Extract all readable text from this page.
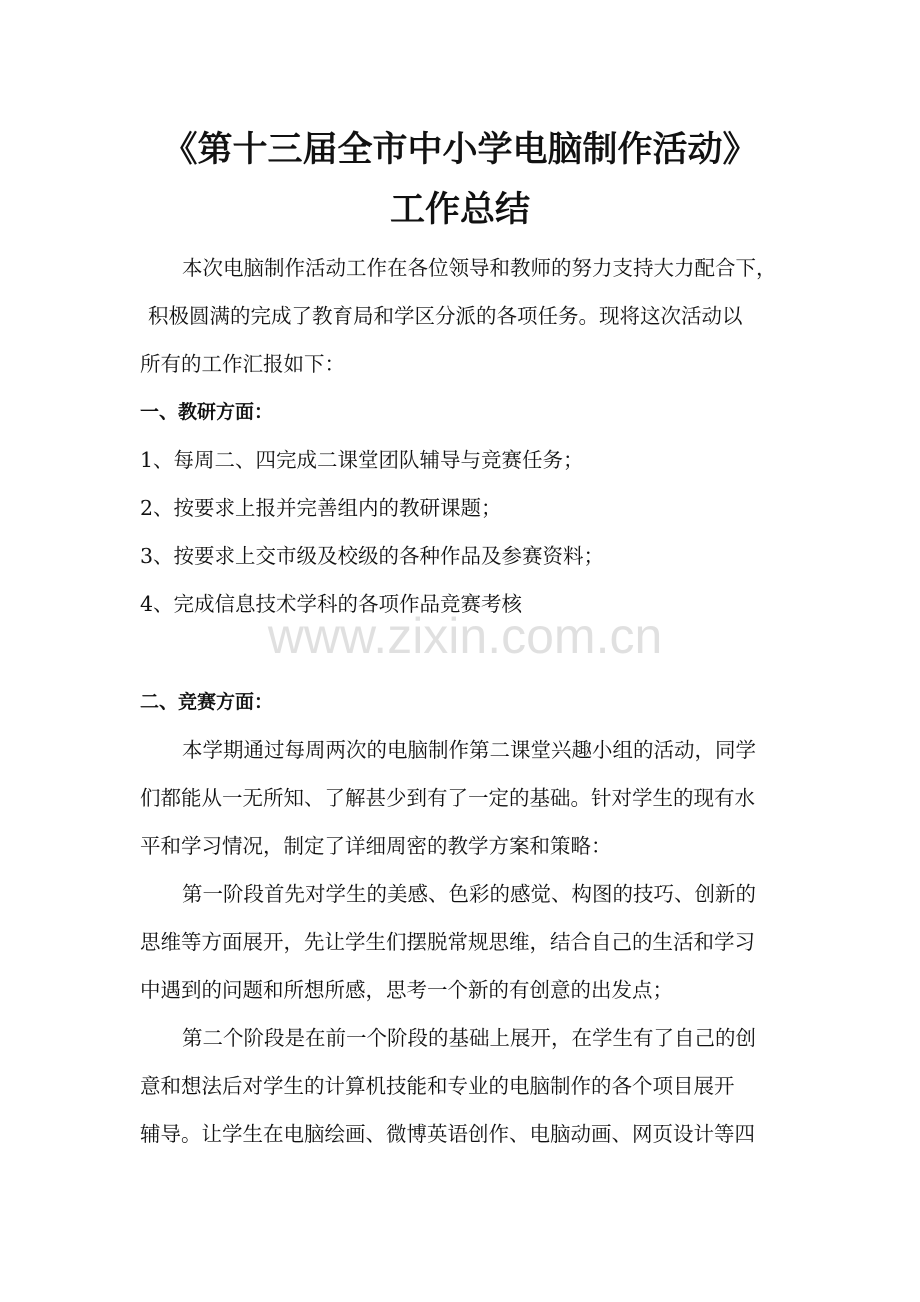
《第十三届全市中小学电脑制作活动》
工作总结
本次电脑制作活动工作在各位领导和教师的努力支持大力配合下，
积极圆满的完成了教育局和学区分派的各项任务。现将这次活动以
所有的工作汇报如下：
一、教研方面：
1、每周二、四完成二课堂团队辅导与竞赛任务；
2、按要求上报并完善组内的教研课题；
3、按要求上交市级及校级的各种作品及参赛资料；
4、完成信息技术学科的各项作品竞赛考核
www.zixin.com.cn
二、竞赛方面：
本学期通过每周两次的电脑制作第二课堂兴趣小组的活动，同学
们都能从一无所知、了解甚少到有了一定的基础。针对学生的现有水
平和学习情况，制定了详细周密的教学方案和策略：
第一阶段首先对学生的美感、色彩的感觉、构图的技巧、创新的
思维等方面展开，先让学生们摆脱常规思维，结合自己的生活和学习
中遇到的问题和所想所感，思考一个新的有创意的出发点；
第二个阶段是在前一个阶段的基础上展开，在学生有了自己的创
意和想法后对学生的计算机技能和专业的电脑制作的各个项目展开
辅导。让学生在电脑绘画、微博英语创作、电脑动画、网页设计等四
